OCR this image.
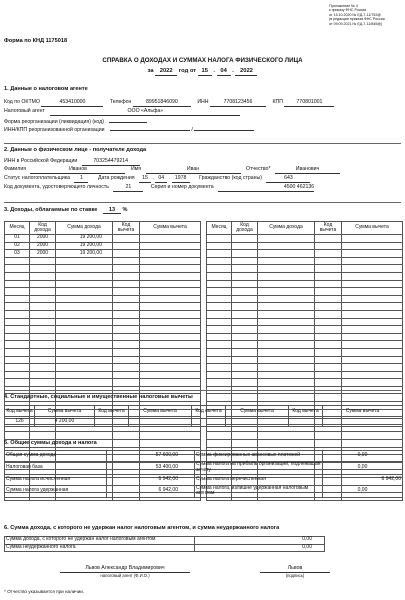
Приложение № 4
к приказу ФНС России
от 15.10.2020 № ЕД-7-11/753@
(в редакции приказа ФНС России
от 09.09.2021 № ЕД-7-11/845@)
Форма по КНД 1175018
СПРАВКА О ДОХОДАХ И СУММАХ НАЛОГА ФИЗИЧЕСКОГО ЛИЦА
за 2022 год от 15 . 04 . 2022
1. Данные о налоговом агенте
Код по ОКТМО	453410000	Телефон	89951846090	ИНН	7708123456	КПП	770801001
Налоговый агент	ООО «Альфа»
Форма реорганизации (ликвидация) (код)
ИНН/КПП реорганизованной организации	/
2. Данные о физическом лице - получателе дохода
ИНН в Российской Федерации	703254479214
Фамилия	Иванов	Имя	Иван	Отчество*	Иванович
Статус налогоплательщика 1	Дата рождения 15 . 04 . 1978 Гражданство (код страны)	643
Код документа, удостоверяющего личность	21	Серия и номер документа	4500 462136
3. Доходы, облагаемые по ставке 13 %
Месяц	Код дохода	Сумма дохода	Код вычета	Сумма вычета
01	2000	19 200,00		
02	2000	19 200,00		
03	2000	19 200,00		

Месяц	Код дохода	Сумма дохода	Код вычета	Сумма вычета

4. Стандартные, социальные и имущественные налоговые вычеты
Код вычета	Сумма вычета	Код вычета	Сумма вычета	Код вычета	Сумма вычета	Код вычета	Сумма вычета
126	4 200,00						
5. Общие суммы дохода и налога
Общая сумма дохода	57 600,00	Сумма фиксированных авансовых платежей	0,00
Налоговая база	53 400,00	Сумма налога на прибыль организаций, подлежащая зачету	0,00
Сумма налога исчисленная	6 942,00	Сумма налога перечисленная	6 942,00
Сумма налога удержанная	6 942,00	Сумма налога, излишне удержанная налоговым агентом	0,00
6. Сумма дохода, с которого не удержан налог налоговым агентом, и сумма неудержанного налога
Сумма дохода, с которого не удержан налог налоговым агентом	0,00	
Сумма неудержанного налога	0,00	
Львов Александр Владимирович
налоговый агент (Ф.И.О.)
Львов
(подпись)
* Отчество указывается при наличии.
